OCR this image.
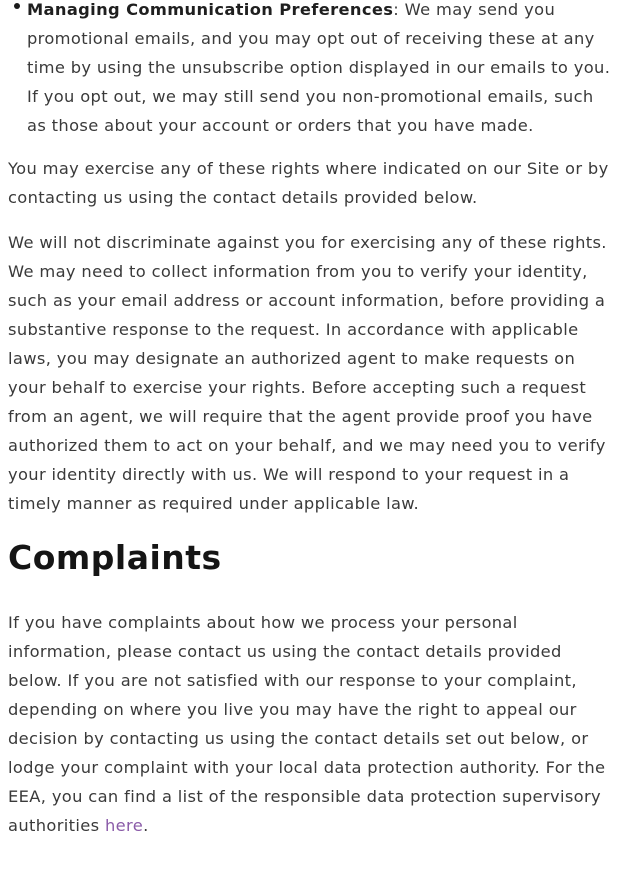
Managing Communication Preferences: We may send you promotional emails, and you may opt out of receiving these at any time by using the unsubscribe option displayed in our emails to you. If you opt out, we may still send you non-promotional emails, such as those about your account or orders that you have made.

You may exercise any of these rights where indicated on our Site or by contacting us using the contact details provided below.

We will not discriminate against you for exercising any of these rights. We may need to collect information from you to verify your identity, such as your email address or account information, before providing a substantive response to the request. In accordance with applicable laws, you may designate an authorized agent to make requests on your behalf to exercise your rights. Before accepting such a request from an agent, we will require that the agent provide proof you have authorized them to act on your behalf, and we may need you to verify your identity directly with us. We will respond to your request in a timely manner as required under applicable law.

Complaints

If you have complaints about how we process your personal information, please contact us using the contact details provided below. If you are not satisfied with our response to your complaint, depending on where you live you may have the right to appeal our decision by contacting us using the contact details set out below, or lodge your complaint with your local data protection authority. For the EEA, you can find a list of the responsible data protection supervisory authorities here.
